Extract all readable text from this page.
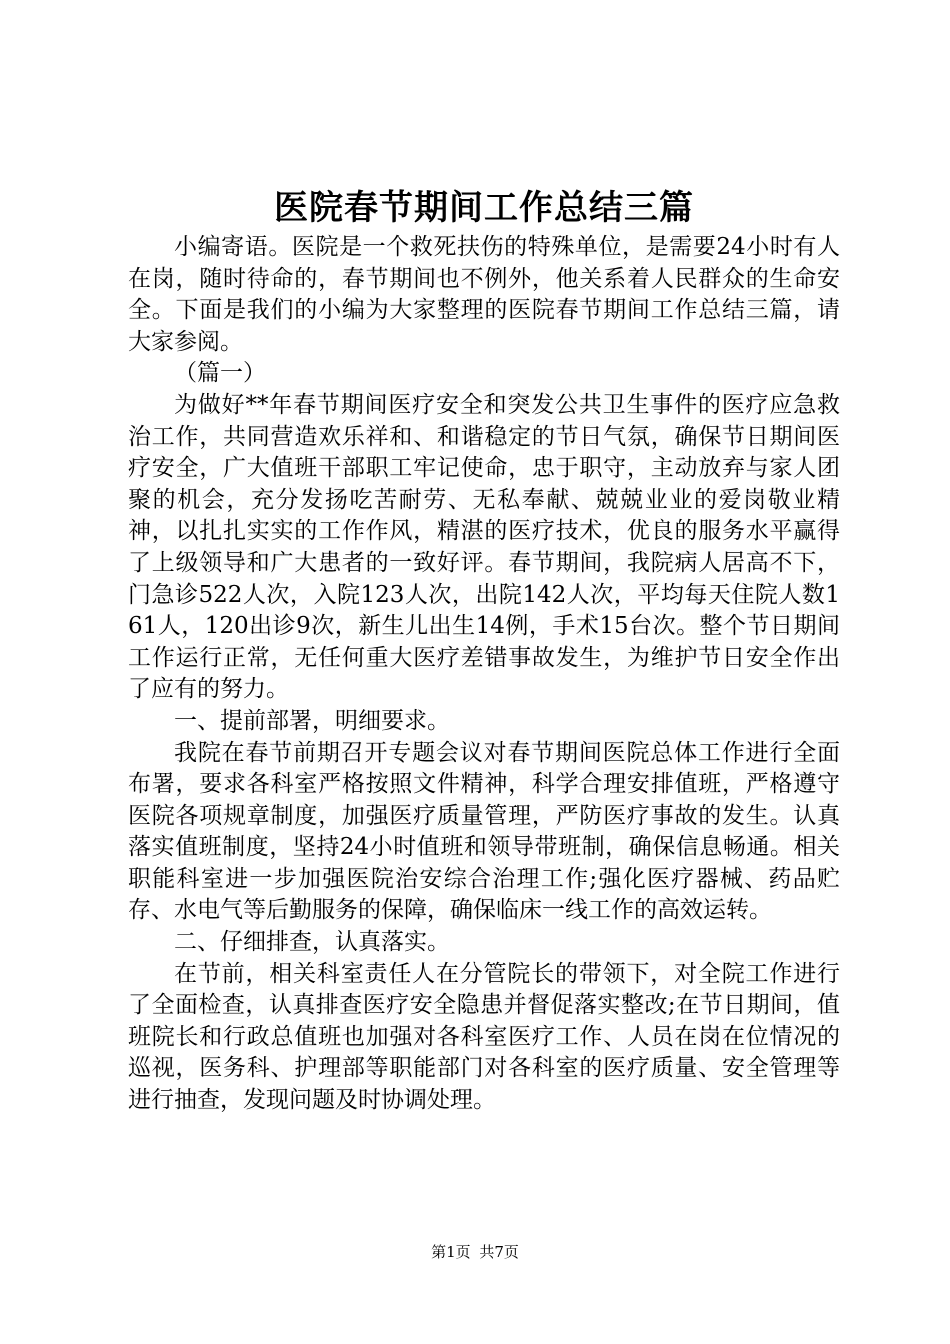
医院春节期间工作总结三篇

小编寄语。医院是一个救死扶伤的特殊单位，是需要24小时有人在岗，随时待命的，春节期间也不例外，他关系着人民群众的生命安全。下面是我们的小编为大家整理的医院春节期间工作总结三篇，请大家参阅。

（篇一）

为做好**年春节期间医疗安全和突发公共卫生事件的医疗应急救治工作，共同营造欢乐祥和、和谐稳定的节日气氛，确保节日期间医疗安全，广大值班干部职工牢记使命，忠于职守，主动放弃与家人团聚的机会，充分发扬吃苦耐劳、无私奉献、兢兢业业的爱岗敬业精神，以扎扎实实的工作作风，精湛的医疗技术，优良的服务水平赢得了上级领导和广大患者的一致好评。春节期间，我院病人居高不下，门急诊522人次，入院123人次，出院142人次，平均每天住院人数161人，120出诊9次，新生儿出生14例，手术15台次。整个节日期间工作运行正常，无任何重大医疗差错事故发生，为维护节日安全作出了应有的努力。

一、提前部署，明细要求。

我院在春节前期召开专题会议对春节期间医院总体工作进行全面布署，要求各科室严格按照文件精神，科学合理安排值班，严格遵守医院各项规章制度，加强医疗质量管理，严防医疗事故的发生。认真落实值班制度，坚持24小时值班和领导带班制，确保信息畅通。相关职能科室进一步加强医院治安综合治理工作;强化医疗器械、药品贮存、水电气等后勤服务的保障，确保临床一线工作的高效运转。

二、仔细排查，认真落实。

在节前，相关科室责任人在分管院长的带领下，对全院工作进行了全面检查，认真排查医疗安全隐患并督促落实整改;在节日期间，值班院长和行政总值班也加强对各科室医疗工作、人员在岗在位情况的巡视，医务科、护理部等职能部门对各科室的医疗质量、安全管理等进行抽查，发现问题及时协调处理。

第1页 共7页
